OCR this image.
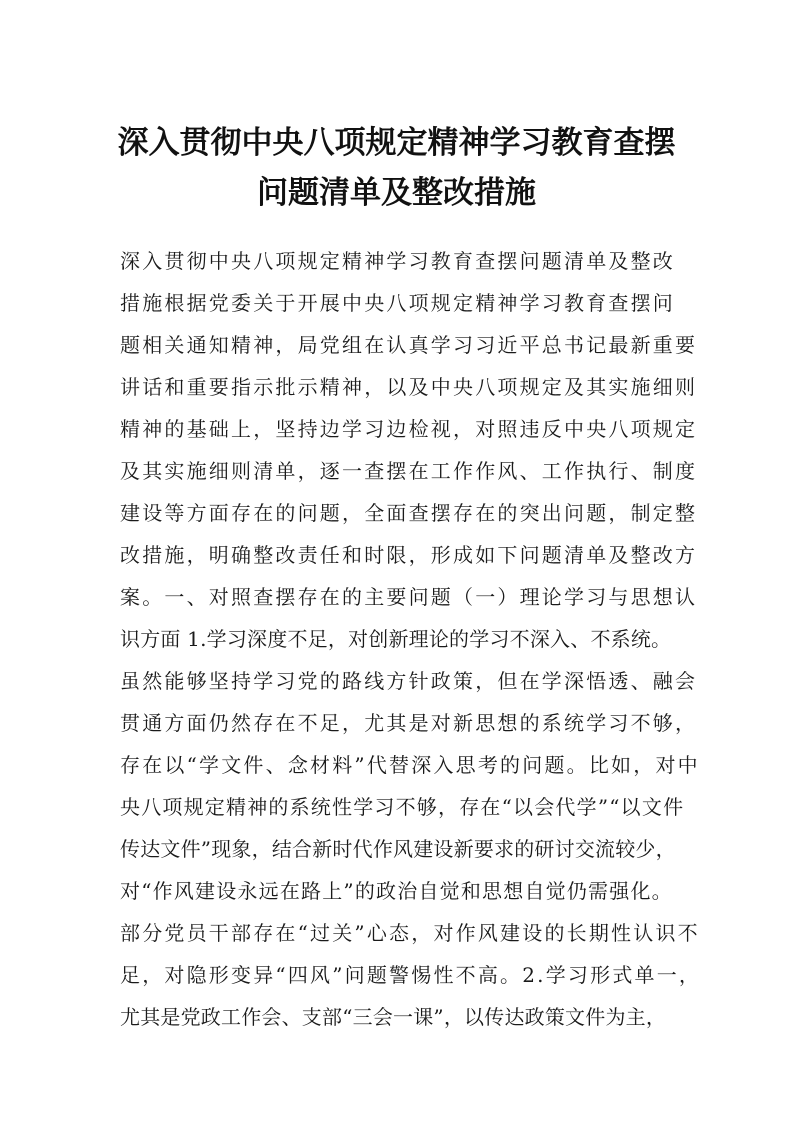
深入贯彻中央八项规定精神学习教育查摆
问题清单及整改措施
深入贯彻中央八项规定精神学习教育查摆问题清单及整改
措施根据党委关于开展中央八项规定精神学习教育查摆问
题相关通知精神，局党组在认真学习习近平总书记最新重要
讲话和重要指示批示精神，以及中央八项规定及其实施细则
精神的基础上，坚持边学习边检视，对照违反中央八项规定
及其实施细则清单，逐一查摆在工作作风、工作执行、制度
建设等方面存在的问题，全面查摆存在的突出问题，制定整
改措施，明确整改责任和时限，形成如下问题清单及整改方
案。一、对照查摆存在的主要问题（一）理论学习与思想认
识方面 1.学习深度不足，对创新理论的学习不深入、不系统。
虽然能够坚持学习党的路线方针政策，但在学深悟透、融会
贯通方面仍然存在不足，尤其是对新思想的系统学习不够，
存在以“学文件、念材料”代替深入思考的问题。比如，对中
央八项规定精神的系统性学习不够，存在“以会代学”“以文件
传达文件”现象，结合新时代作风建设新要求的研讨交流较少，
对“作风建设永远在路上”的政治自觉和思想自觉仍需强化。
部分党员干部存在“过关”心态，对作风建设的长期性认识不
足，对隐形变异“四风”问题警惕性不高。2.学习形式单一，
尤其是党政工作会、支部“三会一课”，以传达政策文件为主，
